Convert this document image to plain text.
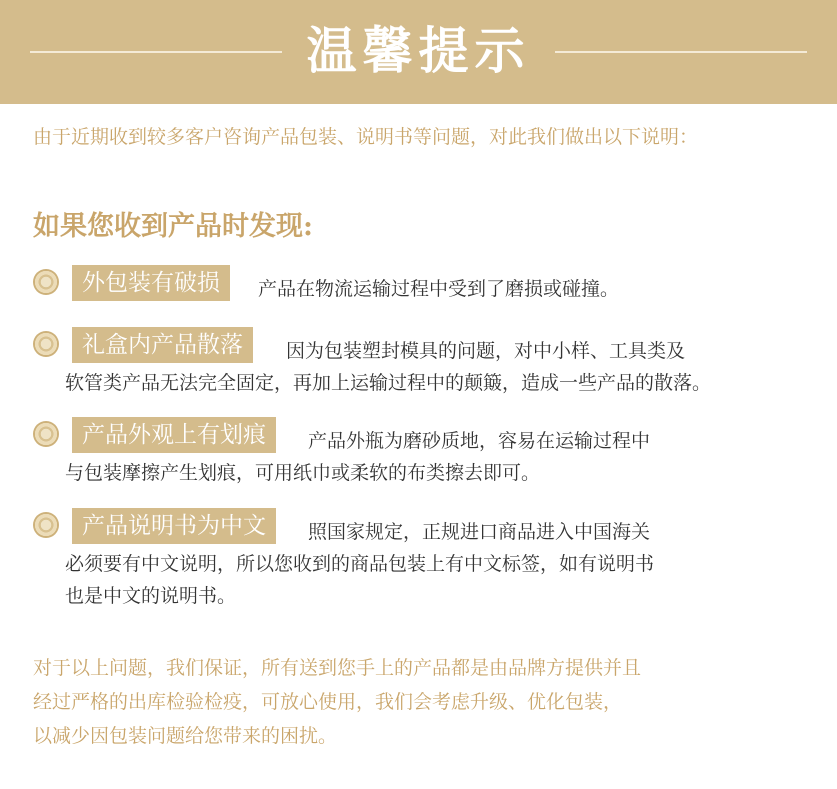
温馨提示
由于近期收到较多客户咨询产品包装、说明书等问题，对此我们做出以下说明：
如果您收到产品时发现:
外包装有破损	产品在物流运输过程中受到了磨损或碰撞。
礼盒内产品散落	因为包装塑封模具的问题，对中小样、工具类及
软管类产品无法完全固定，再加上运输过程中的颠簸，造成一些产品的散落。
产品外观上有划痕	产品外瓶为磨砂质地，容易在运输过程中
与包装摩擦产生划痕，可用纸巾或柔软的布类擦去即可。
产品说明书为中文	照国家规定，正规进口商品进入中国海关
必须要有中文说明，所以您收到的商品包装上有中文标签，如有说明书
也是中文的说明书。
对于以上问题，我们保证，所有送到您手上的产品都是由品牌方提供并且
经过严格的出库检验检疫，可放心使用，我们会考虑升级、优化包装，
以减少因包装问题给您带来的困扰。
